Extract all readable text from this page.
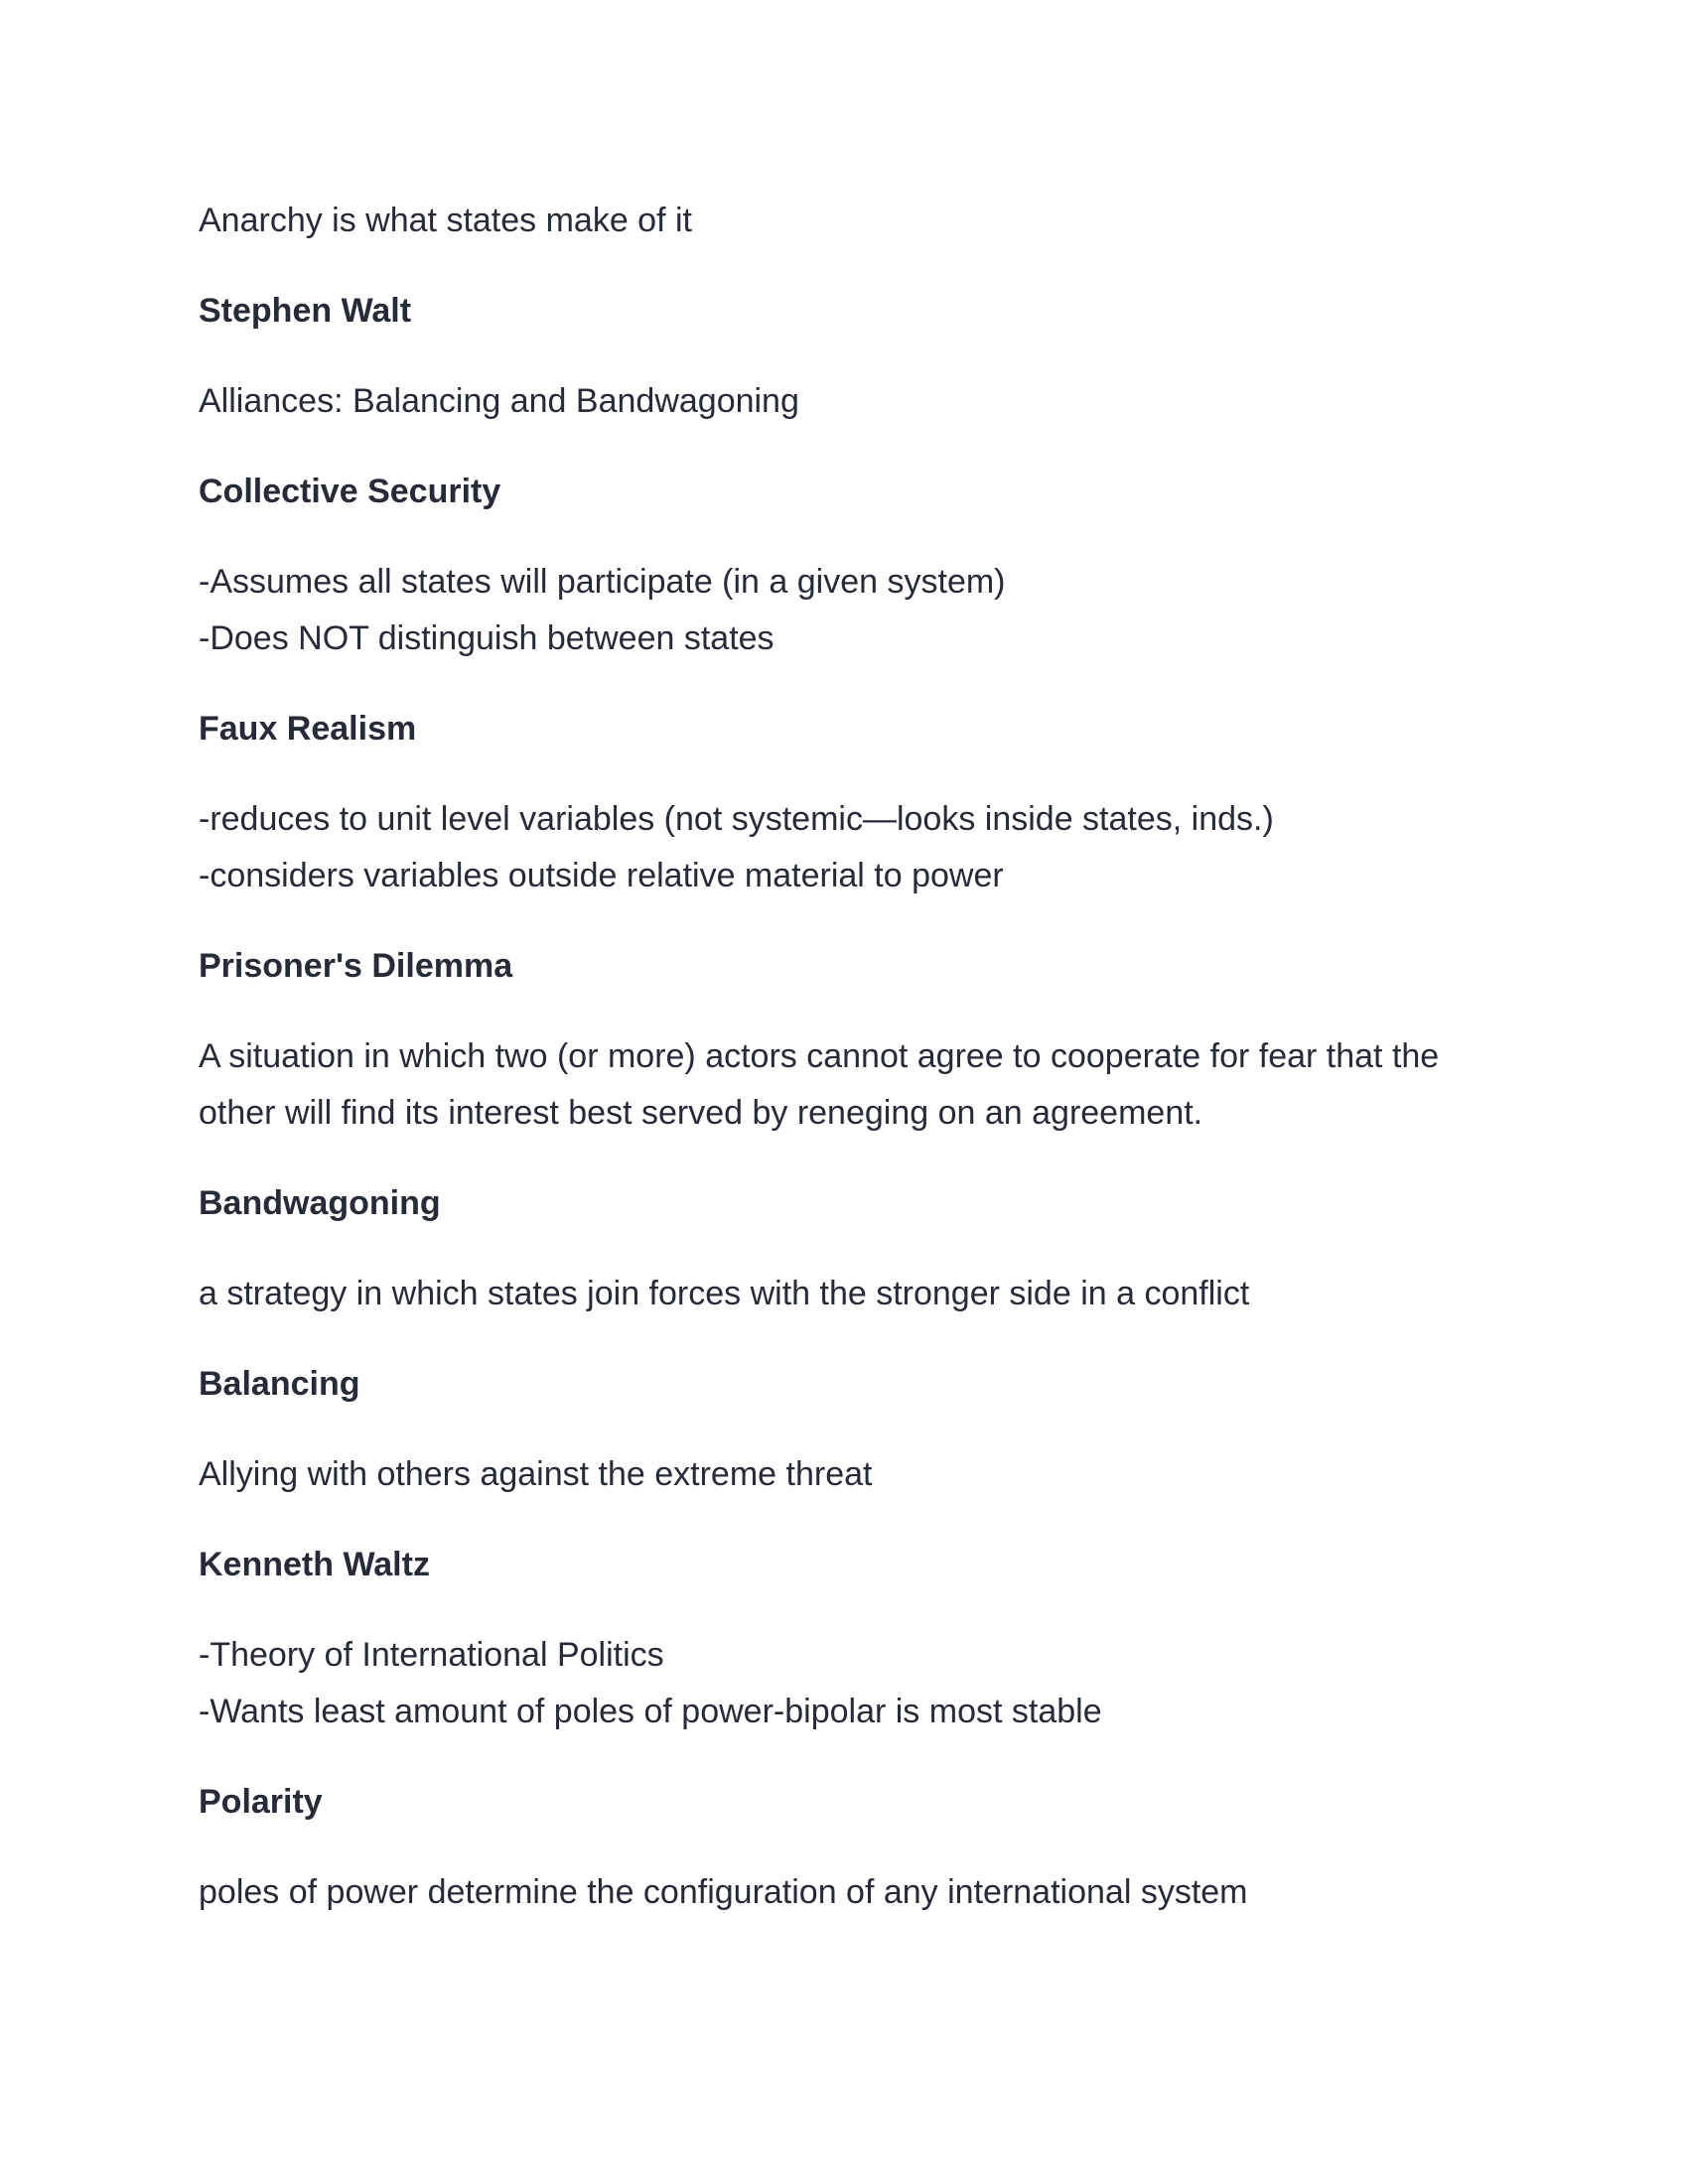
Anarchy is what states make of it
Stephen Walt
Alliances: Balancing and Bandwagoning
Collective Security
-Assumes all states will participate (in a given system)
-Does NOT distinguish between states
Faux Realism
-reduces to unit level variables (not systemic—looks inside states, inds.)
-considers variables outside relative material to power
Prisoner's Dilemma
A situation in which two (or more) actors cannot agree to cooperate for fear that the
other will find its interest best served by reneging on an agreement.
Bandwagoning
a strategy in which states join forces with the stronger side in a conflict
Balancing
Allying with others against the extreme threat
Kenneth Waltz
-Theory of International Politics
-Wants least amount of poles of power-bipolar is most stable
Polarity
poles of power determine the configuration of any international system
